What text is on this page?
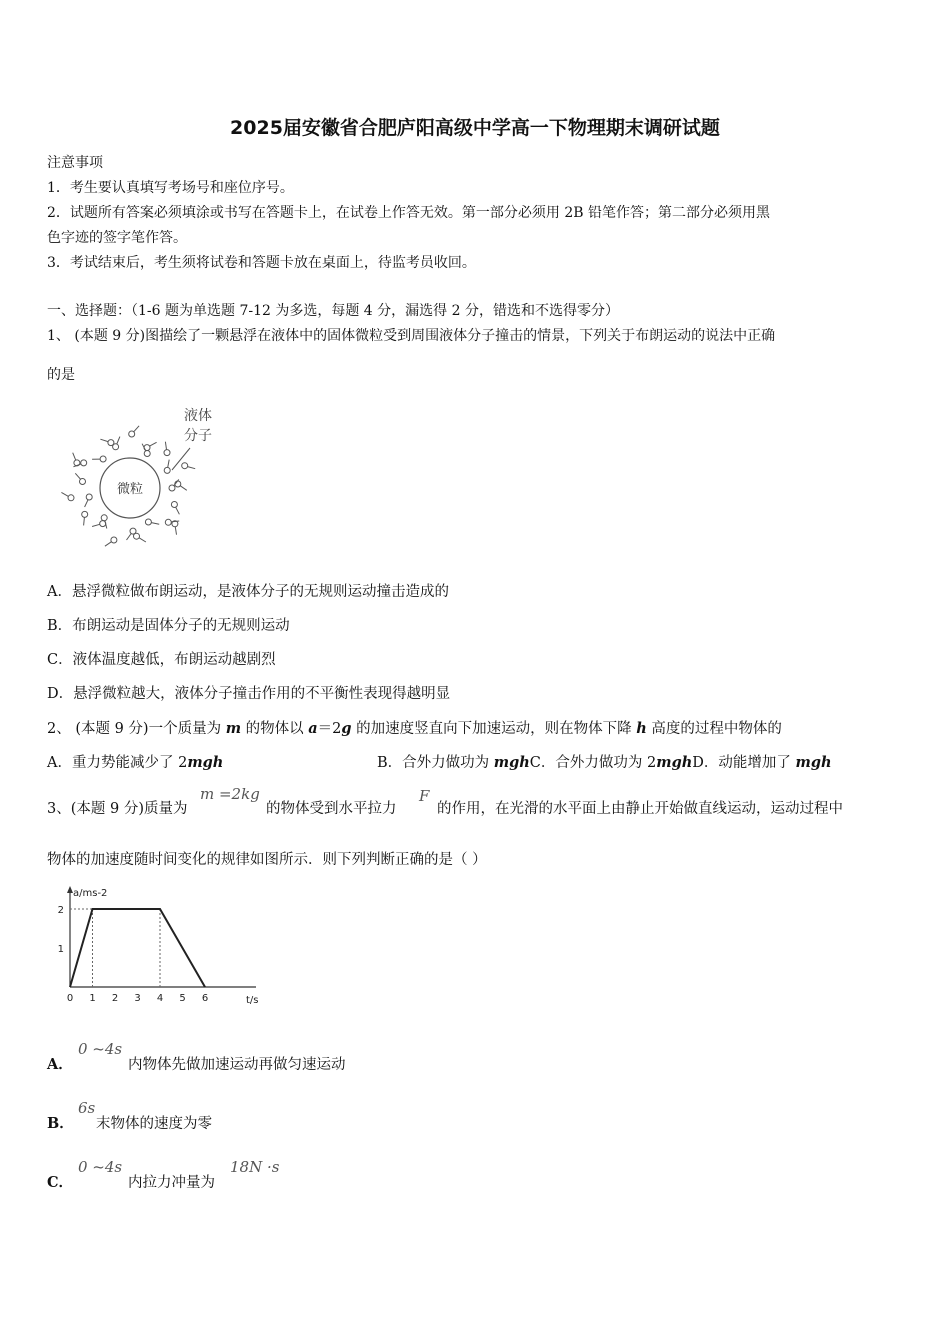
2025届安徽省合肥庐阳高级中学高一下物理期末调研试题
注意事项
1．考生要认真填写考场号和座位序号。
2．试题所有答案必须填涂或书写在答题卡上，在试卷上作答无效。第一部分必须用 2B 铅笔作答；第二部分必须用黑
色字迹的签字笔作答。
3．考试结束后，考生须将试卷和答题卡放在桌面上，待监考员收回。
一、选择题：（1-6 题为单选题 7-12 为多选，每题 4 分，漏选得 2 分，错选和不选得零分）
1、 (本题 9 分)图描绘了一颗悬浮在液体中的固体微粒受到周围液体分子撞击的情景，下列关于布朗运动的说法中正确
的是
微粒
液体
分子
A．悬浮微粒做布朗运动，是液体分子的无规则运动撞击造成的
B．布朗运动是固体分子的无规则运动
C．液体温度越低，布朗运动越剧烈
D．悬浮微粒越大，液体分子撞击作用的不平衡性表现得越明显
2、 (本题 9 分)一个质量为 m 的物体以 a＝2g 的加速度竖直向下加速运动，则在物体下降 h 高度的过程中物体的
A．重力势能减少了 2mgh	B．合外力做功为 mghC．合外力做功为 2mghD．动能增加了 mgh
3、(本题 9 分)质量为
m =2kg
的物体受到水平拉力
F
的作用，在光滑的水平面上由静止开始做直线运动，运动过程中
物体的加速度随时间变化的规律如图所示．则下列判断正确的是（ ）
a/ms-2
t/s
0 1 2 3 4 5 6
1
2
A．
0 ~4s
内物体先做加速运动再做匀速运动
B．
6s
末物体的速度为零
C．
0 ~4s
内拉力冲量为
18N ·s
